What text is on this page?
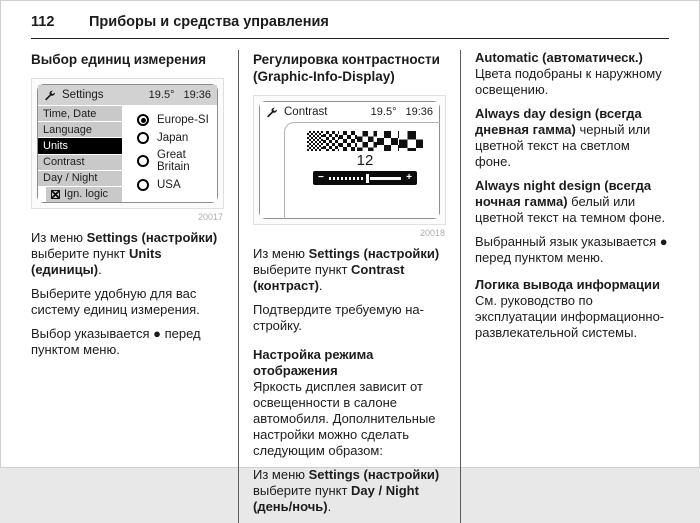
112	Приборы и средства управления
Выбор единиц измерения
Settings	19.5° 19:36
Time, Date
Language
Units
Contrast
Day / Night
Ign. logic
Europe-SI
Japan
Great Britain
USA
20017

Из меню Settings (настройки) выберите пункт Units (единицы).

Выберите удобную для вас систему единиц измерения.

Выбор указывается ● перед пунктом меню.

Регулировка контрастности (Graphic-Info-Display)
Contrast	19.5° 19:36
12
−	+
20018

Из меню Settings (настройки) выберите пункт Contrast (контраст).

Подтвердите требуемую настройку.

Настройка режима отображения

Яркость дисплея зависит от освещенности в салоне автомобиля. Дополнительные настройки можно сделать следующим образом:

Из меню Settings (настройки) выберите пункт Day / Night (день/ночь).

Automatic (автоматическ.) Цвета подобраны к наружному освещению.

Always day design (всегда дневная гамма) черный или цветной текст на светлом фоне.

Always night design (всегда ночная гамма) белый или цветной текст на темном фоне.

Выбранный язык указывается ● перед пунктом меню.

Логика вывода информации

См. руководство по эксплуатации информационно-развлекательной системы.
